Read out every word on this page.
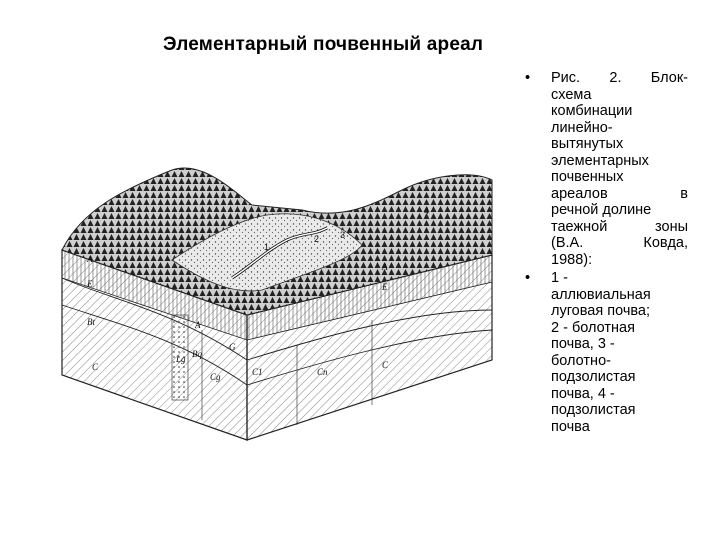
Элементарный почвенный ареал
A
E
Bt
C
A
Bq
G
Lg
Cg	C1	Cn
A
E
C
1
2 3
4
• Рис. 2. Блок-
схема
комбинации
линейно-
вытянутых
элементарных
почвенных
ареалов	в
речной долине
таежной	зоны
(В.А.	Ковда,
1988):
• 1 -
аллювиальная
луговая почва;
2 - болотная
почва, 3 -
болотно-
подзолистая
почва, 4 -
подзолистая
почва
